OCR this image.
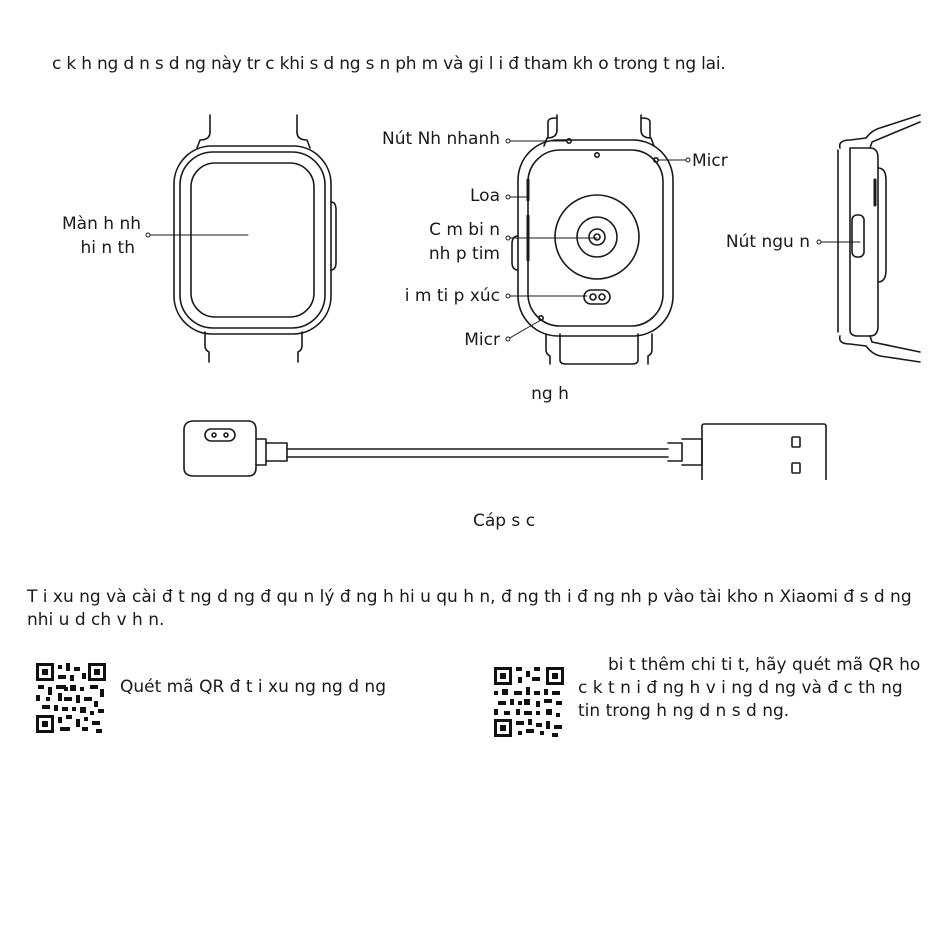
c k h ng d n s d ng này tr c khi s d ng s n ph m và gi l i đ tham kh o trong t ng lai.
Màn h nh
hi n th
Nút Nh nhanh
Micr
Loa
C m bi n
nh p tim
i m ti p xúc
Micr
Nút ngu n
ng h
Cáp s c
T i xu ng và cài đ t ng d ng đ qu n lý đ ng h hi u qu h n, đ ng th i đ ng nh p vào tài kho n Xiaomi đ s d ng nhi u d ch v h n.
Quét mã QR đ t i xu ng ng d ng
bi t thêm chi ti t, hãy quét mã QR ho c k t n i đ ng h v i ng d ng và đ c th ng tin trong h ng d n s d ng.
